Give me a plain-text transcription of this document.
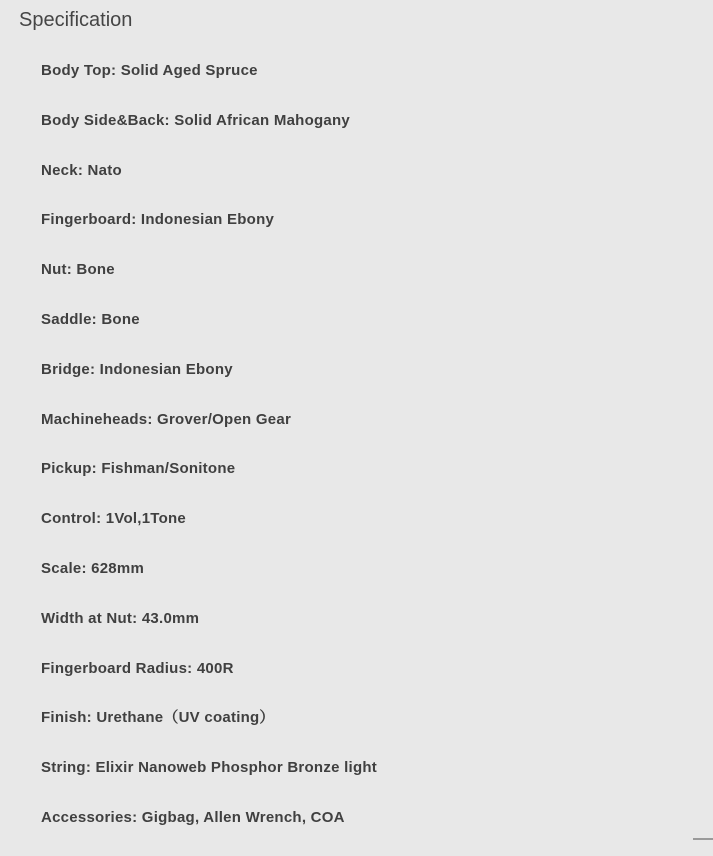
Specification
Body Top: Solid Aged Spruce
Body Side&Back: Solid African Mahogany
Neck: Nato
Fingerboard: Indonesian Ebony
Nut: Bone
Saddle: Bone
Bridge: Indonesian Ebony
Machineheads: Grover/Open Gear
Pickup: Fishman/Sonitone
Control: 1Vol,1Tone
Scale: 628mm
Width at Nut: 43.0mm
Fingerboard Radius: 400R
Finish: Urethane（UV coating）
String: Elixir Nanoweb Phosphor Bronze light
Accessories: Gigbag, Allen Wrench, COA
